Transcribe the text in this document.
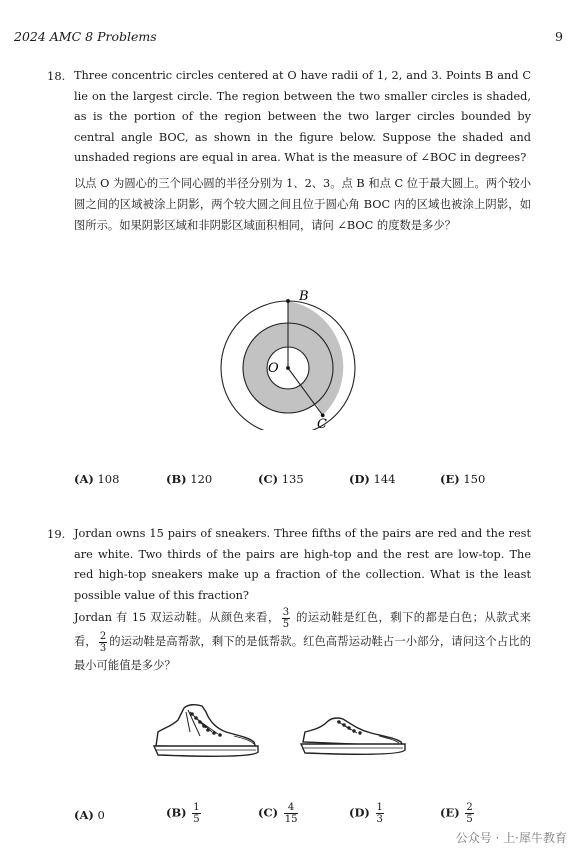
2024 AMC 8 Problems	9
18. Three concentric circles centered at O have radii of 1, 2, and 3. Points B and C lie on the largest circle. The region between the two smaller circles is shaded, as is the portion of the region between the two larger circles bounded by central angle BOC, as shown in the figure below. Suppose the shaded and unshaded regions are equal in area. What is the measure of ∠BOC in degrees?

以点 O 为圆心的三个同心圆的半径分别为 1、2、3。点 B 和点 C 位于最大圆上。两个较小圆之间的区域被涂上阴影，两个较大圆之间且位于圆心角 BOC 内的区域也被涂上阴影，如图所示。如果阴影区域和非阴影区域面积相同，请问 ∠BOC 的度数是多少？

O
B
C
(A) 108	(B) 120	(C) 135	(D) 144	(E) 150
19. Jordan owns 15 pairs of sneakers. Three fifths of the pairs are red and the rest are white. Two thirds of the pairs are high-top and the rest are low-top. The red high-top sneakers make up a fraction of the collection. What is the least possible value of this fraction?

Jordan 有 15 双运动鞋。从颜色来看， $\frac{3}{5}$ 的运动鞋是红色，剩下的都是白色；从款式来看， $\frac{2}{3}$ 的运动鞋是高帮款，剩下的是低帮款。红色高帮运动鞋占一小部分，请问这个占比的最小可能值是多少？

(A) 0	$(B) \frac{1}{5}$	$(C) \frac{4}{15}$	$(D) \frac{1}{3}$	$(E) \frac{2}{5}$
公众号 · 上·犀牛教育
